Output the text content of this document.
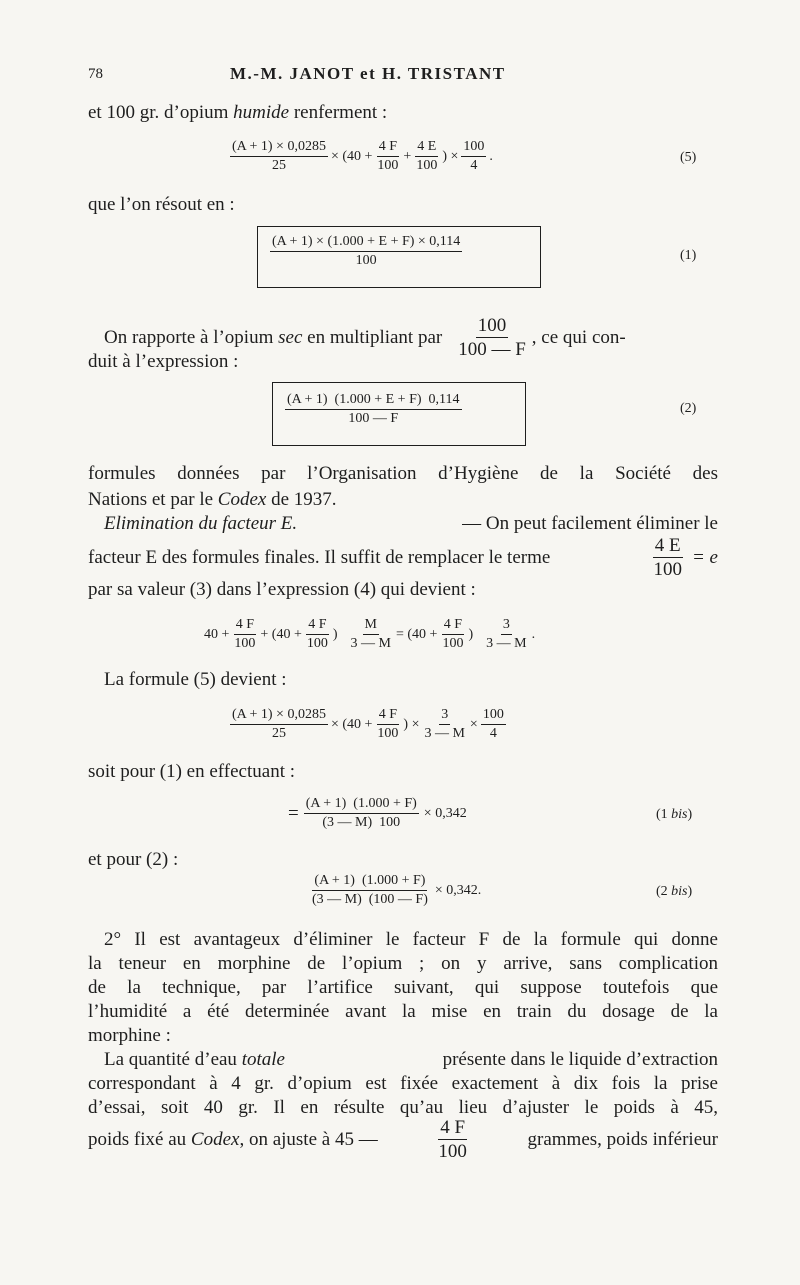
78	M.-M. JANOT et H. TRISTANT
et 100 gr. d’opium humide renferment :
$\frac{(A + 1) \times 0,0285}{25} \times (40 + \frac{4 F}{100} + \frac{4 E}{100}$ ) × $\frac{100}{4}$ .	(5)
que l’on résout en :
$\frac{(A + 1) \times (1.000 + E + F) \times 0,114}{100}$	(1)
On rapporte à l’opium sec en multipliant par $\frac{100}{100 — F}$ , ce qui con-
duit à l’expression :
$\frac{(A + 1) (1.000 + E + F) 0,114}{100 — F}$	(2)
formules données par l’Organisation d’Hygiène de la Société des
Nations et par le Codex de 1937.
Elimination du facteur E.	— On peut facilement éliminer le
facteur E des formules finales. Il suffit de remplacer le terme	$\frac{4 E}{100} = e$
par sa valeur (3) dans l’expression (4) qui devient :
$40 + \frac{4 F}{100} + (40 + \frac{4 F}{100}$ ) $\frac{M}{3 — M} = (40 + \frac{4 F}{100}$ ) $\frac{3}{3 — M}$ .
La formule (5) devient :
$\frac{(A + 1) \times 0,0285}{25} \times (40 + \frac{4 F}{100}$ ) × $\frac{3}{3 — M} \times \frac{100}{4}$
soit pour (1) en effectuant :
= $\frac{(A + 1) (1.000 + F)}{(3 — M) 100} \times 0,342$	(1 bis)
et pour (2) :
$\frac{(A + 1) (1.000 + F)}{(3 — M) (100 — F)} \times 0,342$.	(2 bis)
2° Il est avantageux d’éliminer le facteur F de la formule qui donne
la teneur en morphine de l’opium ; on y arrive, sans complication
de la technique, par l’artifice suivant, qui suppose toutefois que
l’humidité a été determinée avant la mise en train du dosage de la
morphine :
La quantité d’eau totale	présente dans le liquide d’extraction
correspondant à 4 gr. d’opium est fixée exactement à dix fois la prise
d’essai, soit 40 gr. Il en résulte qu’au lieu d’ajuster le poids à 45,
poids fixé au Codex, on ajuste à 45 —	$\frac{4 F}{100}$	grammes, poids inférieur
